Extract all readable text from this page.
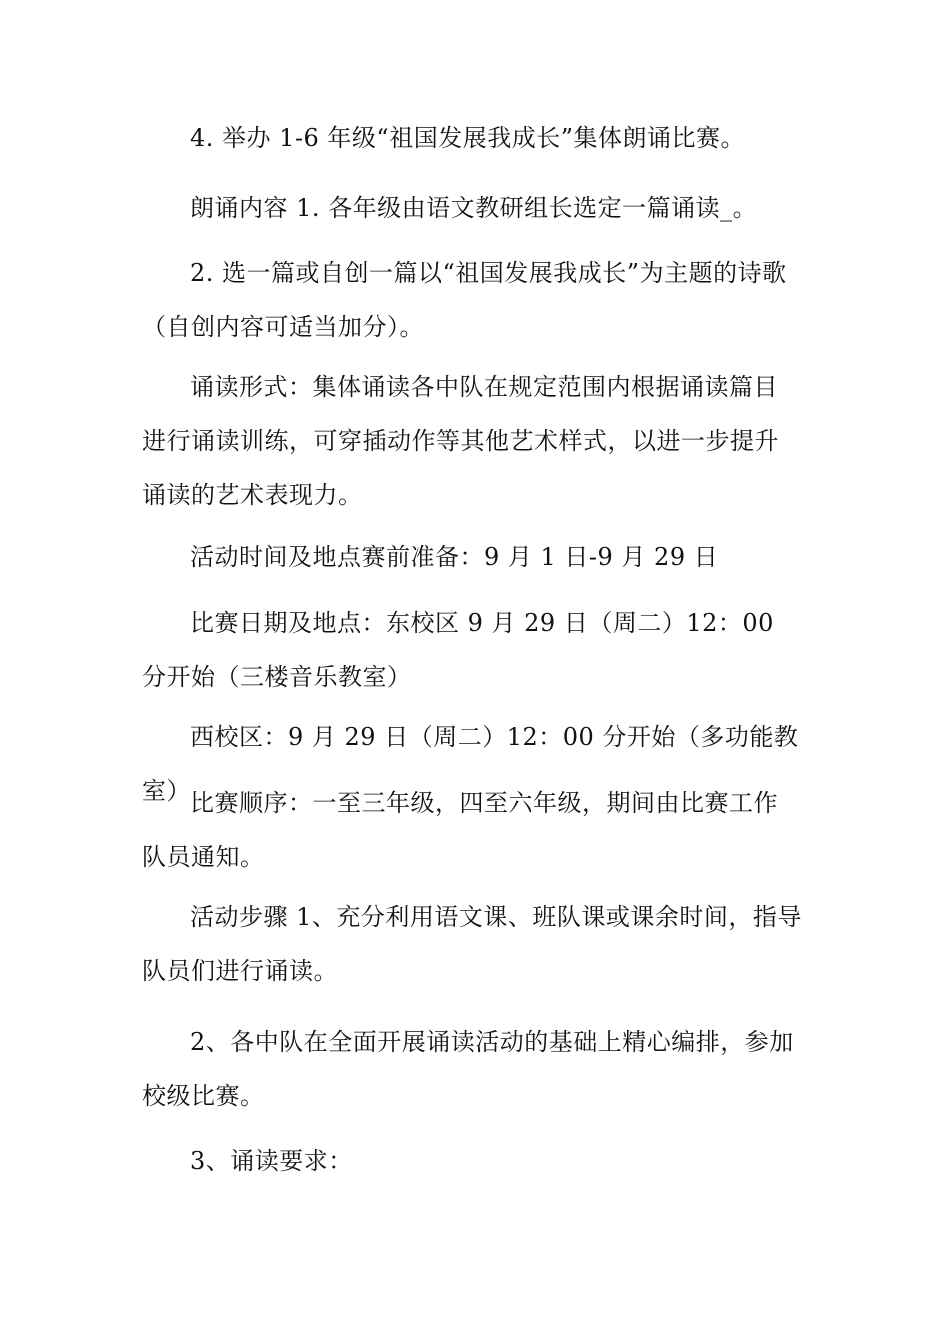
4. 举办 1-6 年级“祖国发展我成长”集体朗诵比赛。

朗诵内容 1. 各年级由语文教研组长选定一篇诵读_。

2. 选一篇或自创一篇以“祖国发展我成长”为主题的诗歌（自创内容可适当加分）。

诵读形式：集体诵读各中队在规定范围内根据诵读篇目进行诵读训练，可穿插动作等其他艺术样式，以进一步提升诵读的艺术表现力。

活动时间及地点赛前准备：9 月 1 日-9 月 29 日

比赛日期及地点：东校区 9 月 29 日（周二）12：00 分开始（三楼音乐教室）

西校区：9 月 29 日（周二）12：00 分开始（多功能教室） 比赛顺序：一至三年级，四至六年级，期间由比赛工作队员通知。

活动步骤 1、充分利用语文课、班队课或课余时间，指导队员们进行诵读。

2、各中队在全面开展诵读活动的基础上精心编排，参加校级比赛。

3、诵读要求：
